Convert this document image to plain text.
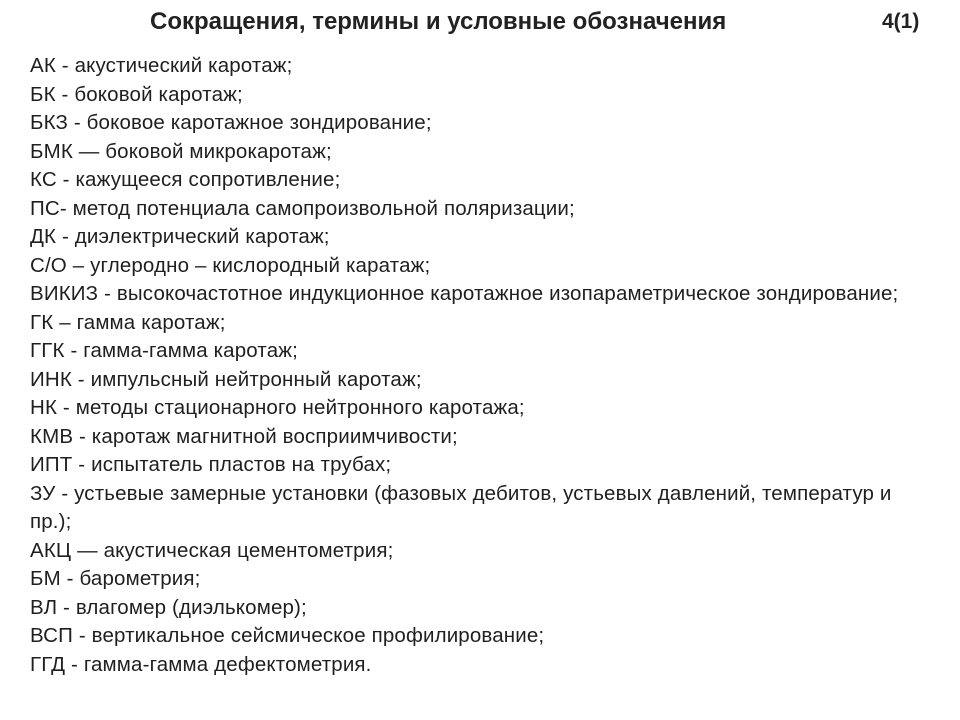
Сокращения, термины и условные обозначения	4(1)
АК - акустический каротаж;
БК - боковой каротаж;
БКЗ - боковое каротажное зондирование;
БМК — боковой микрокаротаж;
КС - кажущееся сопротивление;
ПС- метод потенциала самопроизвольной поляризации;
ДК - диэлектрический каротаж;
С/О – углеродно – кислородный каратаж;
ВИКИЗ - высокочастотное индукционное каротажное изопараметрическое зондирование;
ГК – гамма каротаж;
ГГК - гамма-гамма каротаж;
ИНК - импульсный нейтронный каротаж;
НК - методы стационарного нейтронного каротажа;
КМВ - каротаж магнитной восприимчивости;
ИПТ - испытатель пластов на трубах;
ЗУ - устьевые замерные установки (фазовых дебитов, устьевых давлений, температур и пр.);
АКЦ — акустическая цементометрия;
БМ - барометрия;
ВЛ - влагомер (диэлькомер);
ВСП - вертикальное сейсмическое профилирование;
ГГД - гамма-гамма дефектометрия.
